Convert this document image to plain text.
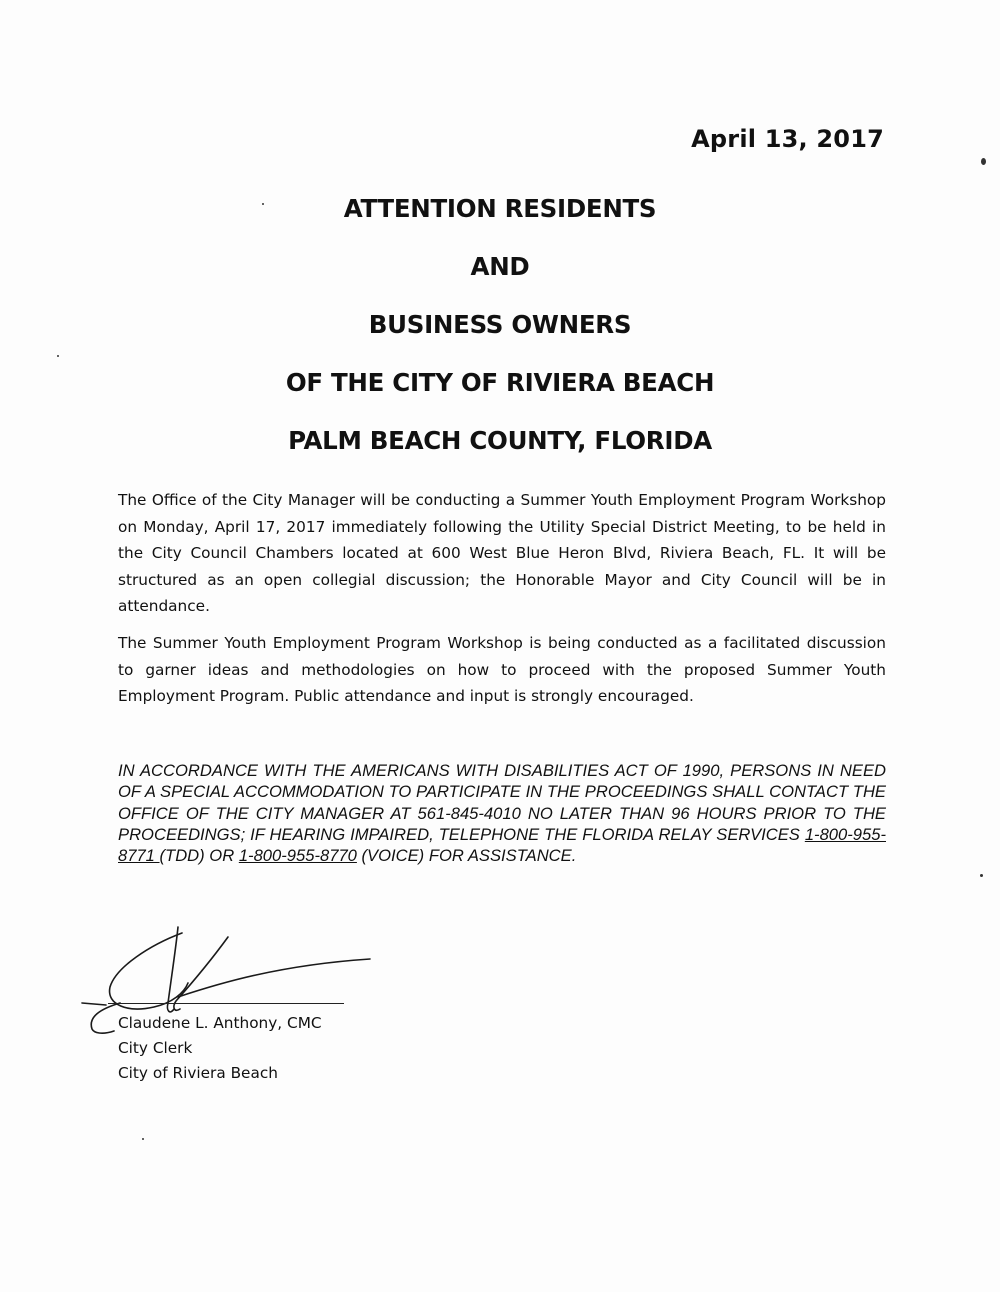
April 13, 2017
ATTENTION RESIDENTS
AND
BUSINESS OWNERS
OF THE CITY OF RIVIERA BEACH
PALM BEACH COUNTY, FLORIDA

The Office of the City Manager will be conducting a Summer Youth Employment Program Workshop on Monday, April 17, 2017 immediately following the Utility Special District Meeting, to be held in the City Council Chambers located at 600 West Blue Heron Blvd, Riviera Beach, FL. It will be structured as an open collegial discussion; the Honorable Mayor and City Council will be in attendance.

The Summer Youth Employment Program Workshop is being conducted as a facilitated discussion to garner ideas and methodologies on how to proceed with the proposed Summer Youth Employment Program. Public attendance and input is strongly encouraged.

IN ACCORDANCE WITH THE AMERICANS WITH DISABILITIES ACT OF 1990, PERSONS IN NEED OF A SPECIAL ACCOMMODATION TO PARTICIPATE IN THE PROCEEDINGS SHALL CONTACT THE OFFICE OF THE CITY MANAGER AT 561-845-4010 NO LATER THAN 96 HOURS PRIOR TO THE PROCEEDINGS; IF HEARING IMPAIRED, TELEPHONE THE FLORIDA RELAY SERVICES 1-800-955-8771 (TDD) OR 1-800-955-8770 (VOICE) FOR ASSISTANCE.

Claudene L. Anthony, CMC
City Clerk
City of Riviera Beach
